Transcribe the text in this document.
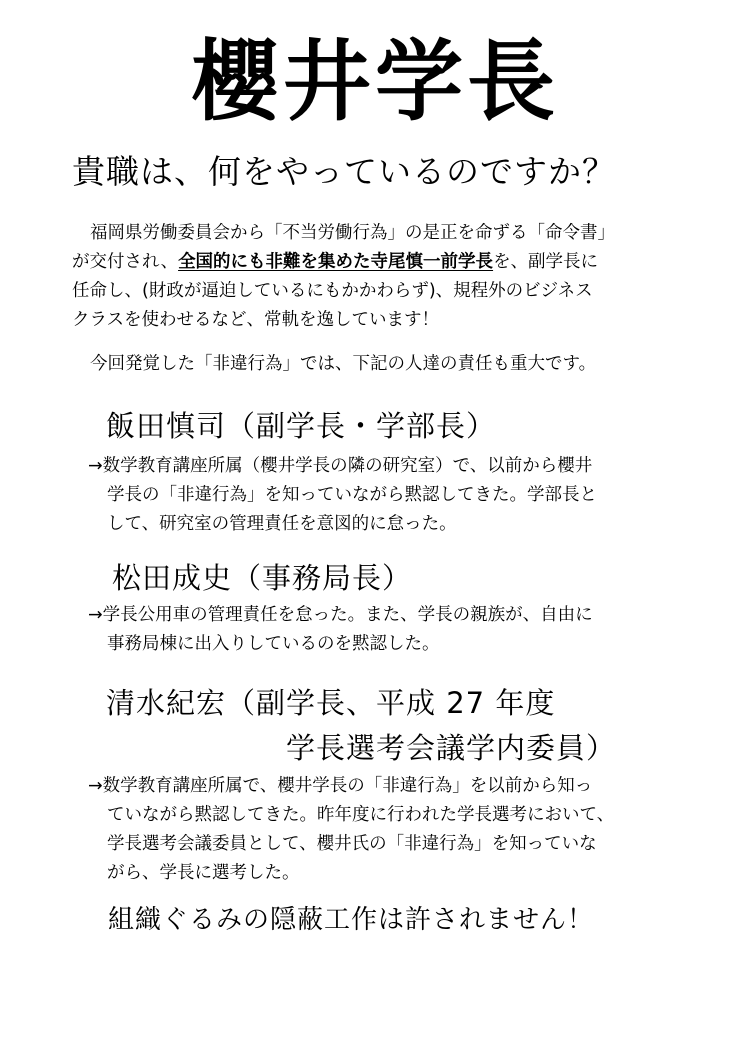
櫻井学長
貴職は、何をやっているのですか？
福岡県労働委員会から「不当労働行為」の是正を命ずる「命令書」
が交付され、全国的にも非難を集めた寺尾慎一前学長を、副学長に
任命し、(財政が逼迫しているにもかかわらず)、規程外のビジネス
クラスを使わせるなど、常軌を逸しています！
今回発覚した「非違行為」では、下記の人達の責任も重大です。
飯田慎司（副学長・学部長）
→数学教育講座所属（櫻井学長の隣の研究室）で、以前から櫻井
学長の「非違行為」を知っていながら黙認してきた。学部長と
して、研究室の管理責任を意図的に怠った。
松田成史（事務局長）
→学長公用車の管理責任を怠った。また、学長の親族が、自由に
事務局棟に出入りしているのを黙認した。
清水紀宏（副学長、平成 27 年度
学長選考会議学内委員）
→数学教育講座所属で、櫻井学長の「非違行為」を以前から知っ
ていながら黙認してきた。昨年度に行われた学長選考において、
学長選考会議委員として、櫻井氏の「非違行為」を知っていな
がら、学長に選考した。
組織ぐるみの隠蔽工作は許されません！
